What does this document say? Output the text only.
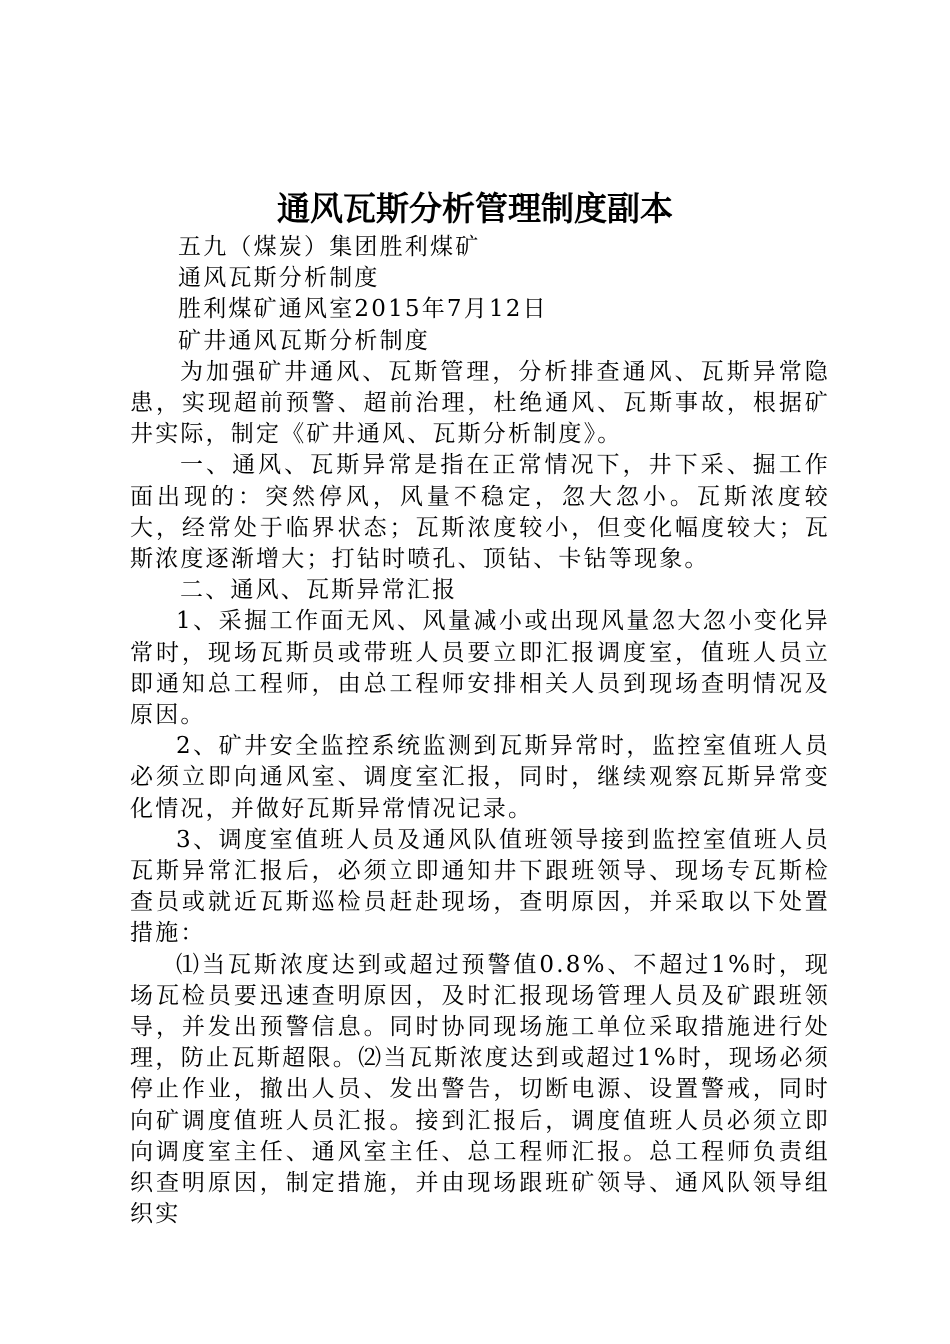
通风瓦斯分析管理制度副本

五九（煤炭）集团胜利煤矿

通风瓦斯分析制度

胜利煤矿通风室2015年7月12日

矿井通风瓦斯分析制度

为加强矿井通风、瓦斯管理，分析排查通风、瓦斯异常隐患，实现超前预警、超前治理，杜绝通风、瓦斯事故，根据矿井实际，制定《矿井通风、瓦斯分析制度》。

一、通风、瓦斯异常是指在正常情况下，井下采、掘工作面出现的：突然停风，风量不稳定，忽大忽小。瓦斯浓度较大，经常处于临界状态；瓦斯浓度较小，但变化幅度较大；瓦斯浓度逐渐增大；打钻时喷孔、顶钻、卡钻等现象。

二、通风、瓦斯异常汇报

1、采掘工作面无风、风量减小或出现风量忽大忽小变化异常时，现场瓦斯员或带班人员要立即汇报调度室，值班人员立即通知总工程师，由总工程师安排相关人员到现场查明情况及原因。

2、矿井安全监控系统监测到瓦斯异常时，监控室值班人员必须立即向通风室、调度室汇报，同时，继续观察瓦斯异常变化情况，并做好瓦斯异常情况记录。

3、调度室值班人员及通风队值班领导接到监控室值班人员瓦斯异常汇报后，必须立即通知井下跟班领导、现场专瓦斯检查员或就近瓦斯巡检员赶赴现场，查明原因，并采取以下处置措施：

⑴当瓦斯浓度达到或超过预警值0.8%、不超过1%时，现场瓦检员要迅速查明原因，及时汇报现场管理人员及矿跟班领导，并发出预警信息。同时协同现场施工单位采取措施进行处理，防止瓦斯超限。⑵当瓦斯浓度达到或超过1%时，现场必须停止作业，撤出人员、发出警告，切断电源、设置警戒，同时向矿调度值班人员汇报。接到汇报后，调度值班人员必须立即向调度室主任、通风室主任、总工程师汇报。总工程师负责组织查明原因，制定措施，并由现场跟班矿领导、通风队领导组织实
